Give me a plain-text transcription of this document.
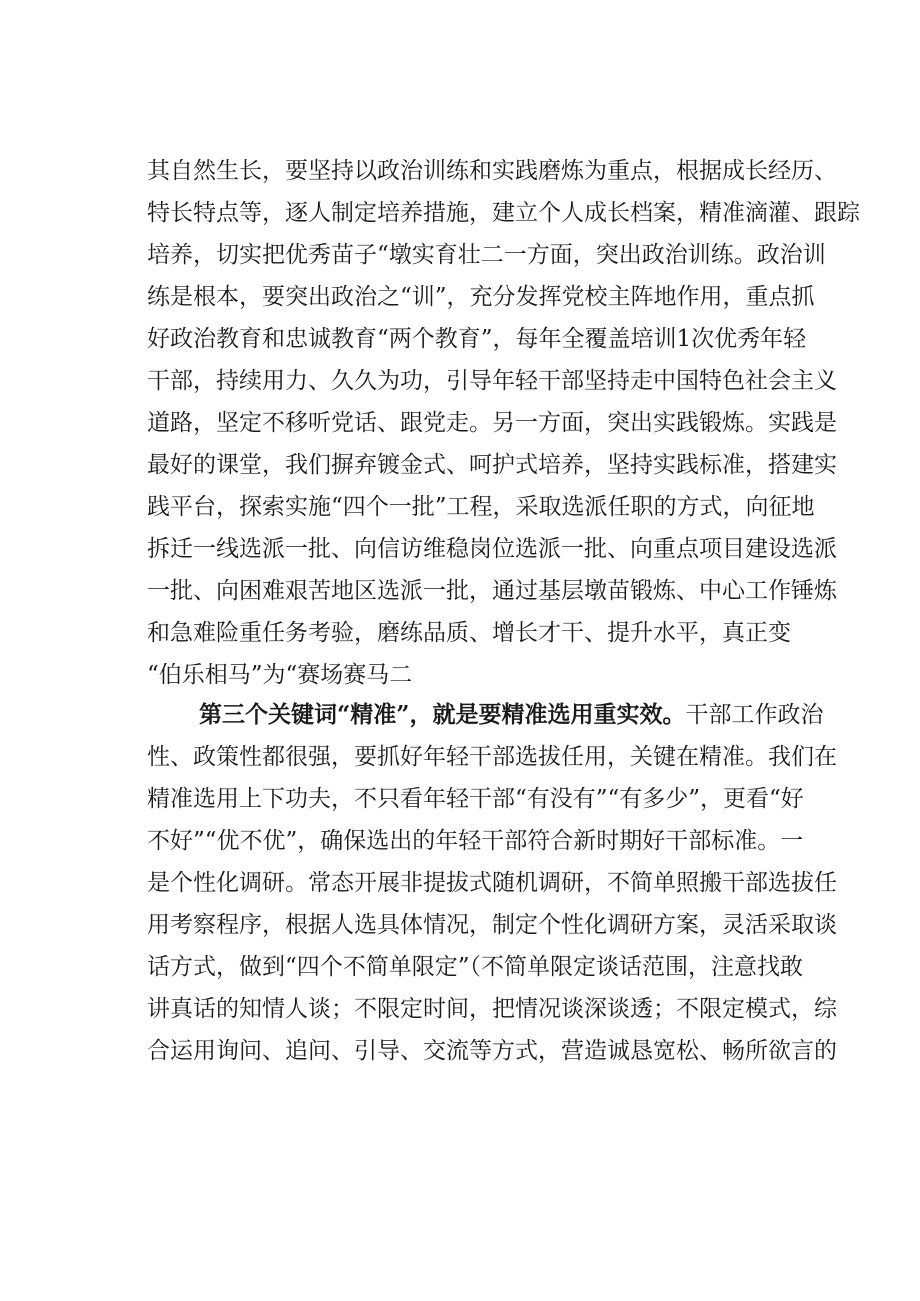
其自然生长，要坚持以政治训练和实践磨炼为重点，根据成长经历、
特长特点等，逐人制定培养措施，建立个人成长档案，精准滴灌、跟踪
培养，切实把优秀苗子“墩实育壮二一方面，突出政治训练。政治训
练是根本，要突出政治之“训”，充分发挥党校主阵地作用，重点抓
好政治教育和忠诚教育“两个教育”，每年全覆盖培训1次优秀年轻
干部，持续用力、久久为功，引导年轻干部坚持走中国特色社会主义
道路，坚定不移听党话、跟党走。另一方面，突出实践锻炼。实践是
最好的课堂，我们摒弃镀金式、呵护式培养，坚持实践标准，搭建实
践平台，探索实施“四个一批”工程，采取选派任职的方式，向征地
拆迁一线选派一批、向信访维稳岗位选派一批、向重点项目建设选派
一批、向困难艰苦地区选派一批，通过基层墩苗锻炼、中心工作锤炼
和急难险重任务考验，磨练品质、增长才干、提升水平，真正变
“伯乐相马”为“赛场赛马二
第三个关键词“精准”，就是要精准选用重实效。干部工作政治
性、政策性都很强，要抓好年轻干部选拔任用，关键在精准。我们在
精准选用上下功夫，不只看年轻干部“有没有”“有多少”，更看“好
不好”“优不优”，确保选出的年轻干部符合新时期好干部标准。一
是个性化调研。常态开展非提拔式随机调研，不简单照搬干部选拔任
用考察程序，根据人选具体情况，制定个性化调研方案，灵活采取谈
话方式，做到“四个不简单限定”（不简单限定谈话范围，注意找敢
讲真话的知情人谈；不限定时间，把情况谈深谈透；不限定模式，综
合运用询问、追问、引导、交流等方式，营造诚恳宽松、畅所欲言的
